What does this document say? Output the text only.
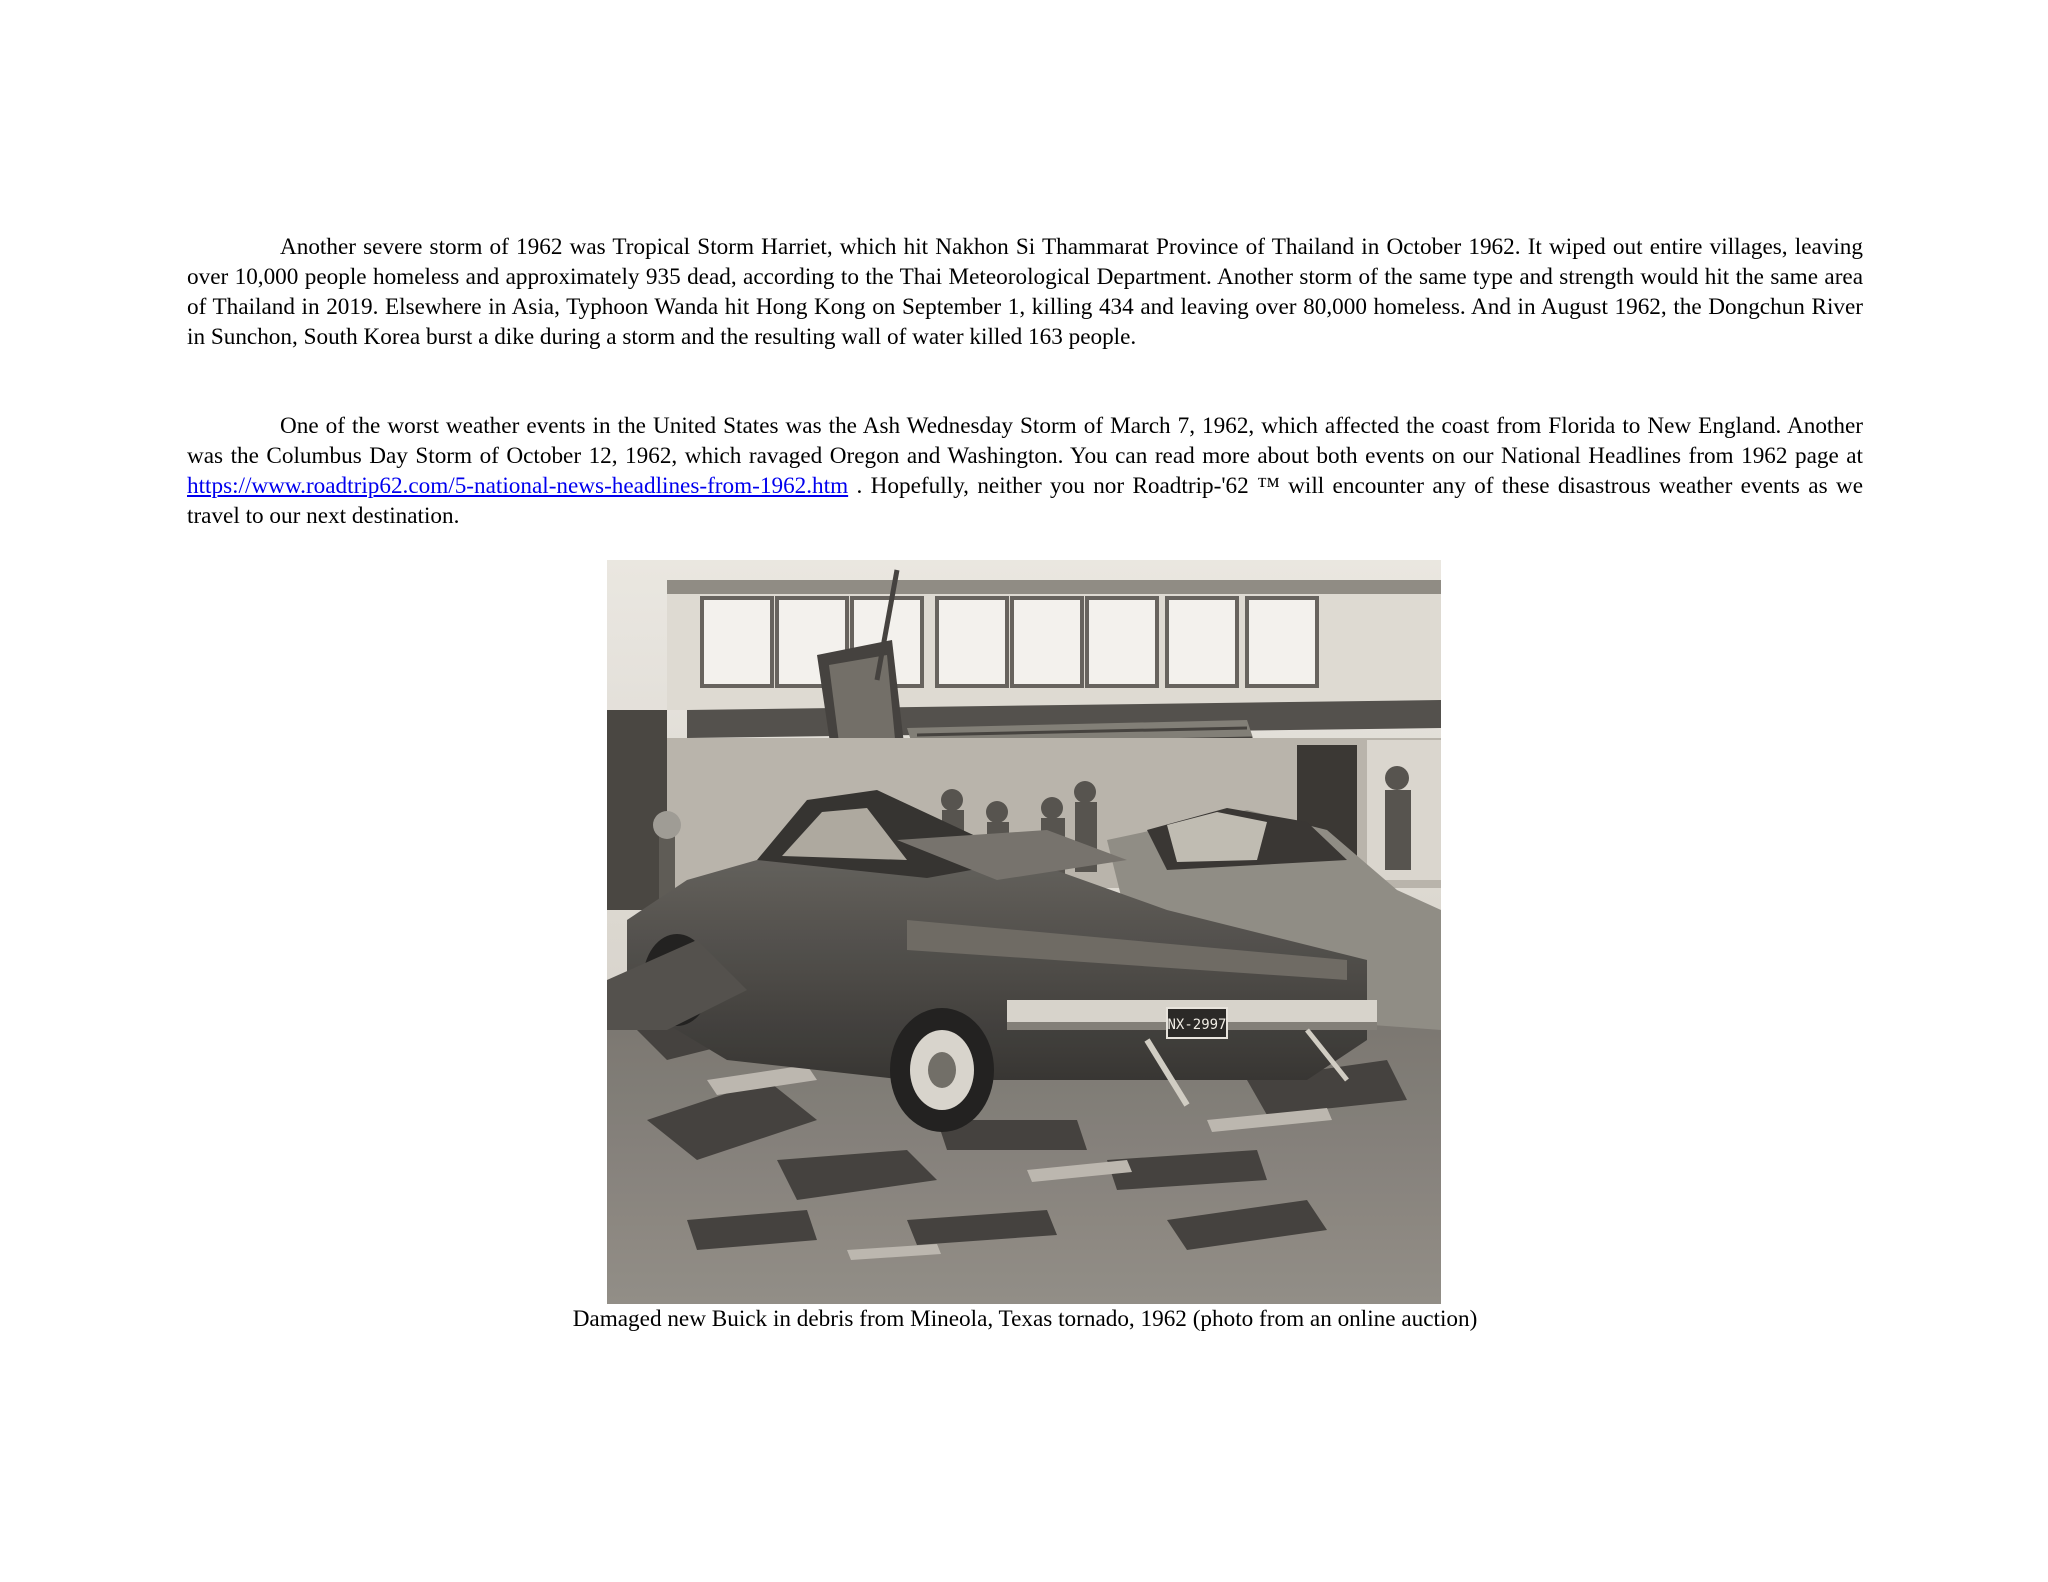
Another severe storm of 1962 was Tropical Storm Harriet, which hit Nakhon Si Thammarat Province of Thailand in October 1962. It wiped out entire villages, leaving over 10,000 people homeless and approximately 935 dead, according to the Thai Meteorological Department. Another storm of the same type and strength would hit the same area of Thailand in 2019. Elsewhere in Asia, Typhoon Wanda hit Hong Kong on September 1, killing 434 and leaving over 80,000 homeless. And in August 1962, the Dongchun River in Sunchon, South Korea burst a dike during a storm and the resulting wall of water killed 163 people.

One of the worst weather events in the United States was the Ash Wednesday Storm of March 7, 1962, which affected the coast from Florida to New England. Another was the Columbus Day Storm of October 12, 1962, which ravaged Oregon and Washington. You can read more about both events on our National Headlines from 1962 page at https://www.roadtrip62.com/5-national-news-headlines-from-1962.htm . Hopefully, neither you nor Roadtrip-'62 ™ will encounter any of these disastrous weather events as we travel to our next destination.

NX-2997
Damaged new Buick in debris from Mineola, Texas tornado, 1962 (photo from an online auction)
